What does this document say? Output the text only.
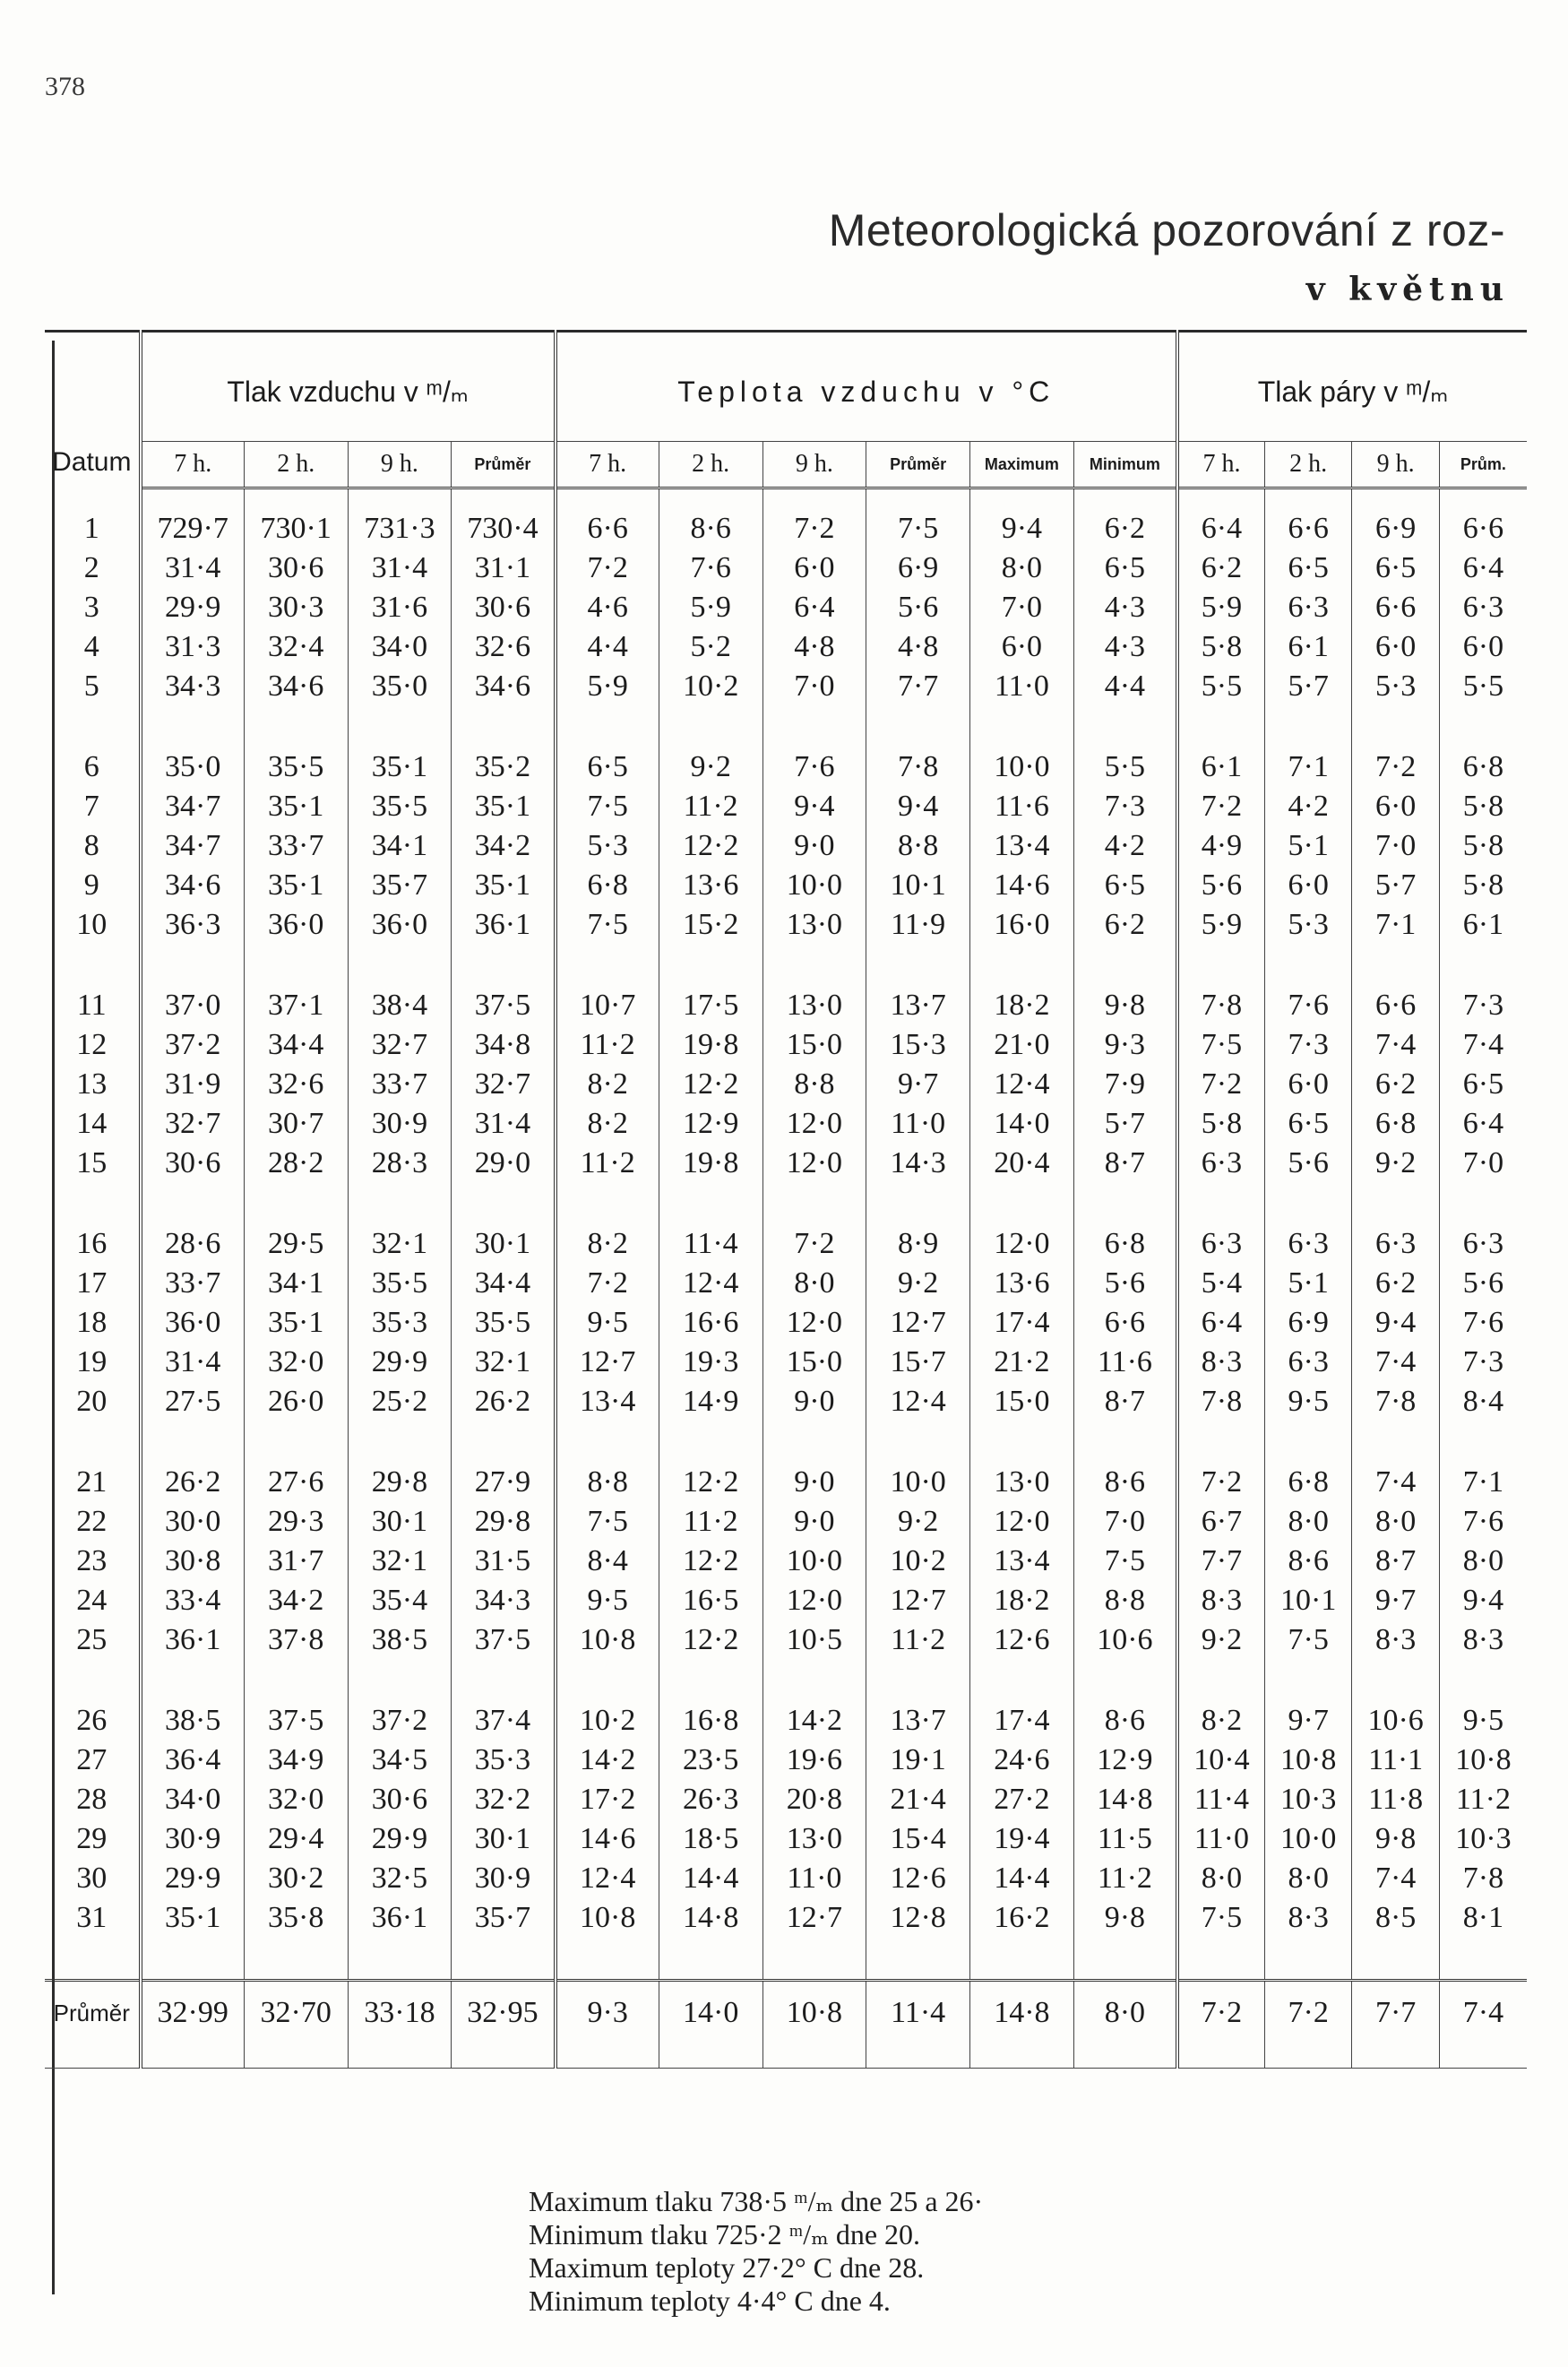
378
Meteorologická pozorování z roz-
v květnu
Datum	Tlak vzduchu v ᵐ/ₘ				Teplota vzduchu v °C						Tlak páry v ᵐ/ₘ			
	7 h.	2 h.	9 h.	Průměr	7 h.	2 h.	9 h.	Průměr	Maximum	Minimum	7 h.	2 h.	9 h.	Prům.

1	729·7	730·1	731·3	730·4	6·6	8·6	7·2	7·5	9·4	6·2	6·4	6·6	6·9	6·6
2	31·4	30·6	31·4	31·1	7·2	7·6	6·0	6·9	8·0	6·5	6·2	6·5	6·5	6·4
3	29·9	30·3	31·6	30·6	4·6	5·9	6·4	5·6	7·0	4·3	5·9	6·3	6·6	6·3
4	31·3	32·4	34·0	32·6	4·4	5·2	4·8	4·8	6·0	4·3	5·8	6·1	6·0	6·0
5	34·3	34·6	35·0	34·6	5·9	10·2	7·0	7·7	11·0	4·4	5·5	5·7	5·3	5·5

6	35·0	35·5	35·1	35·2	6·5	9·2	7·6	7·8	10·0	5·5	6·1	7·1	7·2	6·8
7	34·7	35·1	35·5	35·1	7·5	11·2	9·4	9·4	11·6	7·3	7·2	4·2	6·0	5·8
8	34·7	33·7	34·1	34·2	5·3	12·2	9·0	8·8	13·4	4·2	4·9	5·1	7·0	5·8
9	34·6	35·1	35·7	35·1	6·8	13·6	10·0	10·1	14·6	6·5	5·6	6·0	5·7	5·8
10	36·3	36·0	36·0	36·1	7·5	15·2	13·0	11·9	16·0	6·2	5·9	5·3	7·1	6·1

11	37·0	37·1	38·4	37·5	10·7	17·5	13·0	13·7	18·2	9·8	7·8	7·6	6·6	7·3
12	37·2	34·4	32·7	34·8	11·2	19·8	15·0	15·3	21·0	9·3	7·5	7·3	7·4	7·4
13	31·9	32·6	33·7	32·7	8·2	12·2	8·8	9·7	12·4	7·9	7·2	6·0	6·2	6·5
14	32·7	30·7	30·9	31·4	8·2	12·9	12·0	11·0	14·0	5·7	5·8	6·5	6·8	6·4
15	30·6	28·2	28·3	29·0	11·2	19·8	12·0	14·3	20·4	8·7	6·3	5·6	9·2	7·0

16	28·6	29·5	32·1	30·1	8·2	11·4	7·2	8·9	12·0	6·8	6·3	6·3	6·3	6·3
17	33·7	34·1	35·5	34·4	7·2	12·4	8·0	9·2	13·6	5·6	5·4	5·1	6·2	5·6
18	36·0	35·1	35·3	35·5	9·5	16·6	12·0	12·7	17·4	6·6	6·4	6·9	9·4	7·6
19	31·4	32·0	29·9	32·1	12·7	19·3	15·0	15·7	21·2	11·6	8·3	6·3	7·4	7·3
20	27·5	26·0	25·2	26·2	13·4	14·9	9·0	12·4	15·0	8·7	7·8	9·5	7·8	8·4

21	26·2	27·6	29·8	27·9	8·8	12·2	9·0	10·0	13·0	8·6	7·2	6·8	7·4	7·1
22	30·0	29·3	30·1	29·8	7·5	11·2	9·0	9·2	12·0	7·0	6·7	8·0	8·0	7·6
23	30·8	31·7	32·1	31·5	8·4	12·2	10·0	10·2	13·4	7·5	7·7	8·6	8·7	8·0
24	33·4	34·2	35·4	34·3	9·5	16·5	12·0	12·7	18·2	8·8	8·3	10·1	9·7	9·4
25	36·1	37·8	38·5	37·5	10·8	12·2	10·5	11·2	12·6	10·6	9·2	7·5	8·3	8·3

26	38·5	37·5	37·2	37·4	10·2	16·8	14·2	13·7	17·4	8·6	8·2	9·7	10·6	9·5
27	36·4	34·9	34·5	35·3	14·2	23·5	19·6	19·1	24·6	12·9	10·4	10·8	11·1	10·8
28	34·0	32·0	30·6	32·2	17·2	26·3	20·8	21·4	27·2	14·8	11·4	10·3	11·8	11·2
29	30·9	29·4	29·9	30·1	14·6	18·5	13·0	15·4	19·4	11·5	11·0	10·0	9·8	10·3
30	29·9	30·2	32·5	30·9	12·4	14·4	11·0	12·6	14·4	11·2	8·0	8·0	7·4	7·8
31	35·1	35·8	36·1	35·7	10·8	14·8	12·7	12·8	16·2	9·8	7·5	8·3	8·5	8·1

Průměr	32·99	32·70	33·18	32·95	9·3	14·0	10·8	11·4	14·8	8·0	7·2	7·2	7·7	7·4

Maximum tlaku 738·5 ᵐ/ₘ dne 25 a 26·
Minimum tlaku 725·2 ᵐ/ₘ dne 20.
Maximum teploty 27·2° C dne 28.
Minimum teploty 4·4° C dne 4.
